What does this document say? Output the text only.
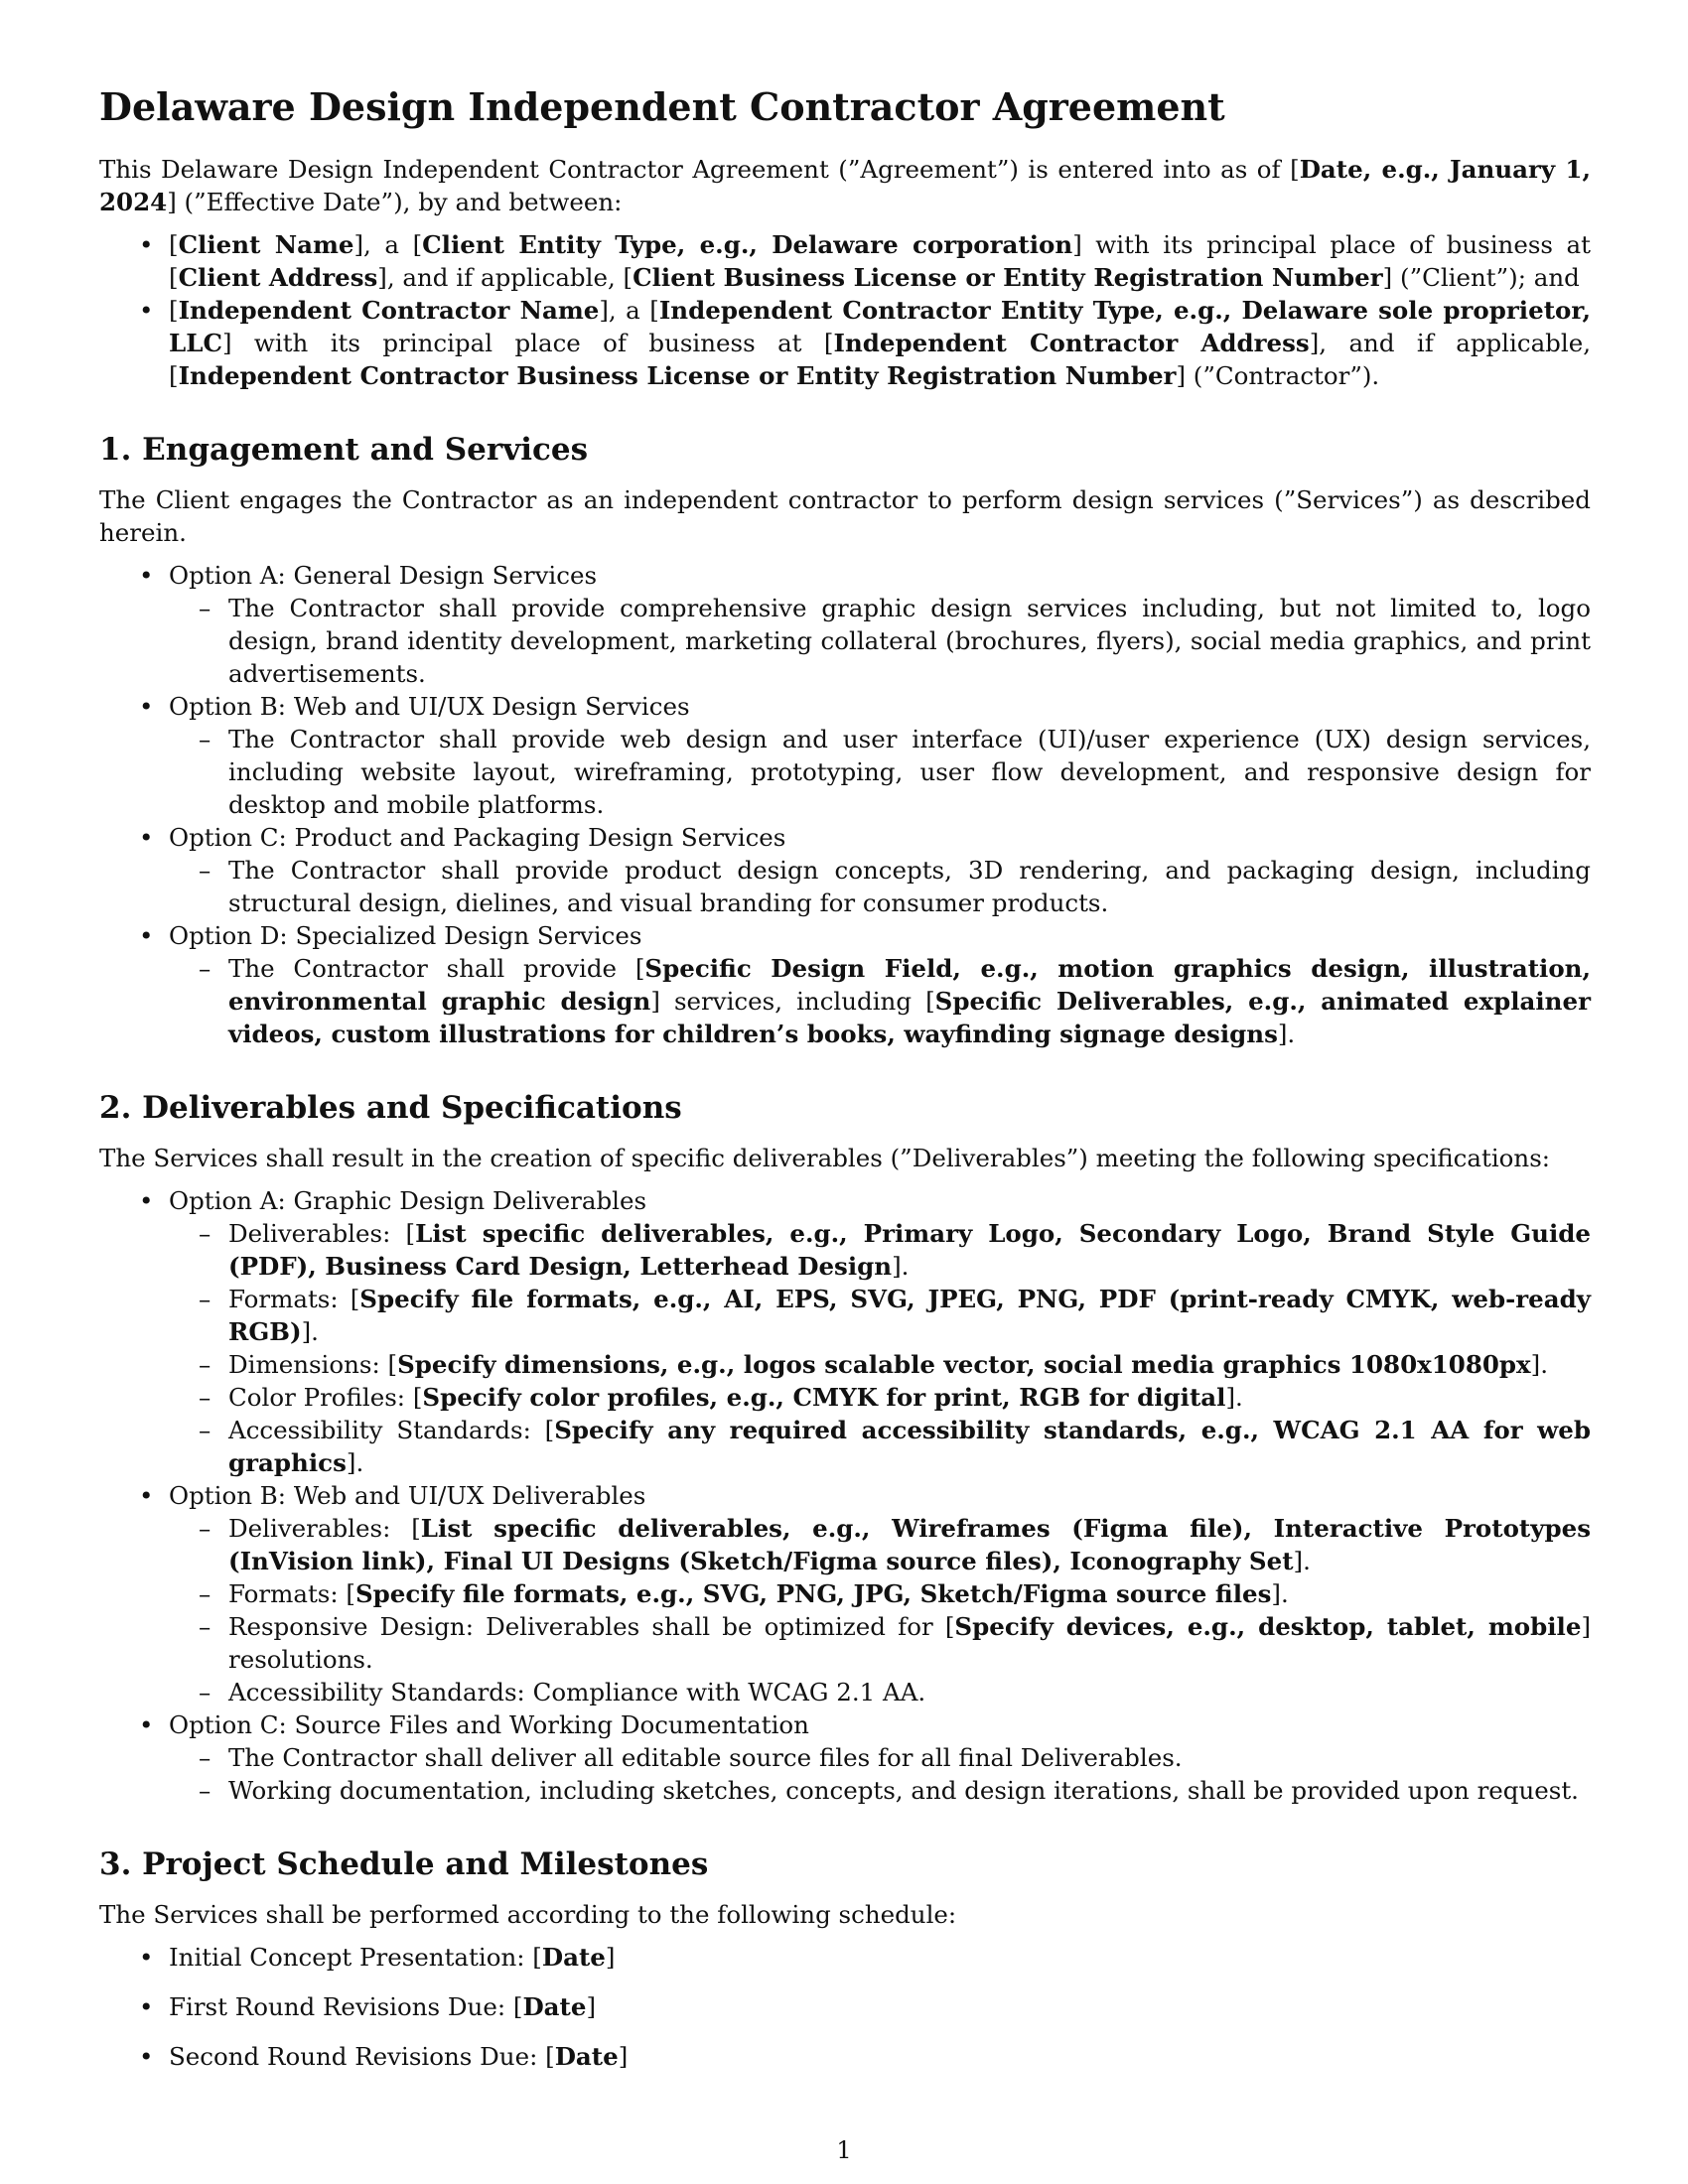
Delaware Design Independent Contractor Agreement

This Delaware Design Independent Contractor Agreement (”Agreement”) is entered into as of [Date, e.g., January 1, 2024] (”Effective Date”), by and between:

• [Client Name], a [Client Entity Type, e.g., Delaware corporation] with its principal place of business at [Client Address], and if applicable, [Client Business License or Entity Registration Number] (”Client”); and
• [Independent Contractor Name], a [Independent Contractor Entity Type, e.g., Delaware sole proprietor, LLC] with its principal place of business at [Independent Contractor Address], and if applicable, [Independent Contractor Business License or Entity Registration Number] (”Contractor”).
1. Engagement and Services

The Client engages the Contractor as an independent contractor to perform design services (”Services”) as described herein.

• Option A: General Design Services
– The Contractor shall provide comprehensive graphic design services including, but not limited to, logo design, brand identity development, marketing collateral (brochures, flyers), social media graphics, and print advertisements.
• Option B: Web and UI/UX Design Services
– The Contractor shall provide web design and user interface (UI)/user experience (UX) design services, including website layout, wireframing, prototyping, user flow development, and responsive design for desktop and mobile platforms.
• Option C: Product and Packaging Design Services
– The Contractor shall provide product design concepts, 3D rendering, and packaging design, including structural design, dielines, and visual branding for consumer products.
• Option D: Specialized Design Services
– The Contractor shall provide [Specific Design Field, e.g., motion graphics design, illustration, environmental graphic design] services, including [Specific Deliverables, e.g., animated explainer videos, custom illustrations for children’s books, wayfinding signage designs].
2. Deliverables and Specifications

The Services shall result in the creation of specific deliverables (”Deliverables”) meeting the following specifications:

• Option A: Graphic Design Deliverables
– Deliverables: [List specific deliverables, e.g., Primary Logo, Secondary Logo, Brand Style Guide (PDF), Business Card Design, Letterhead Design].
– Formats: [Specify file formats, e.g., AI, EPS, SVG, JPEG, PNG, PDF (print-ready CMYK, web-ready RGB)].
– Dimensions: [Specify dimensions, e.g., logos scalable vector, social media graphics 1080x1080px].
– Color Profiles: [Specify color profiles, e.g., CMYK for print, RGB for digital].
– Accessibility Standards: [Specify any required accessibility standards, e.g., WCAG 2.1 AA for web graphics].
• Option B: Web and UI/UX Deliverables
– Deliverables: [List specific deliverables, e.g., Wireframes (Figma file), Interactive Prototypes (InVision link), Final UI Designs (Sketch/Figma source files), Iconography Set].
– Formats: [Specify file formats, e.g., SVG, PNG, JPG, Sketch/Figma source files].
– Responsive Design: Deliverables shall be optimized for [Specify devices, e.g., desktop, tablet, mobile] resolutions.
– Accessibility Standards: Compliance with WCAG 2.1 AA.
• Option C: Source Files and Working Documentation
– The Contractor shall deliver all editable source files for all final Deliverables.
– Working documentation, including sketches, concepts, and design iterations, shall be provided upon request.
3. Project Schedule and Milestones

The Services shall be performed according to the following schedule:

• Initial Concept Presentation: [Date]
• First Round Revisions Due: [Date]
• Second Round Revisions Due: [Date]
1
